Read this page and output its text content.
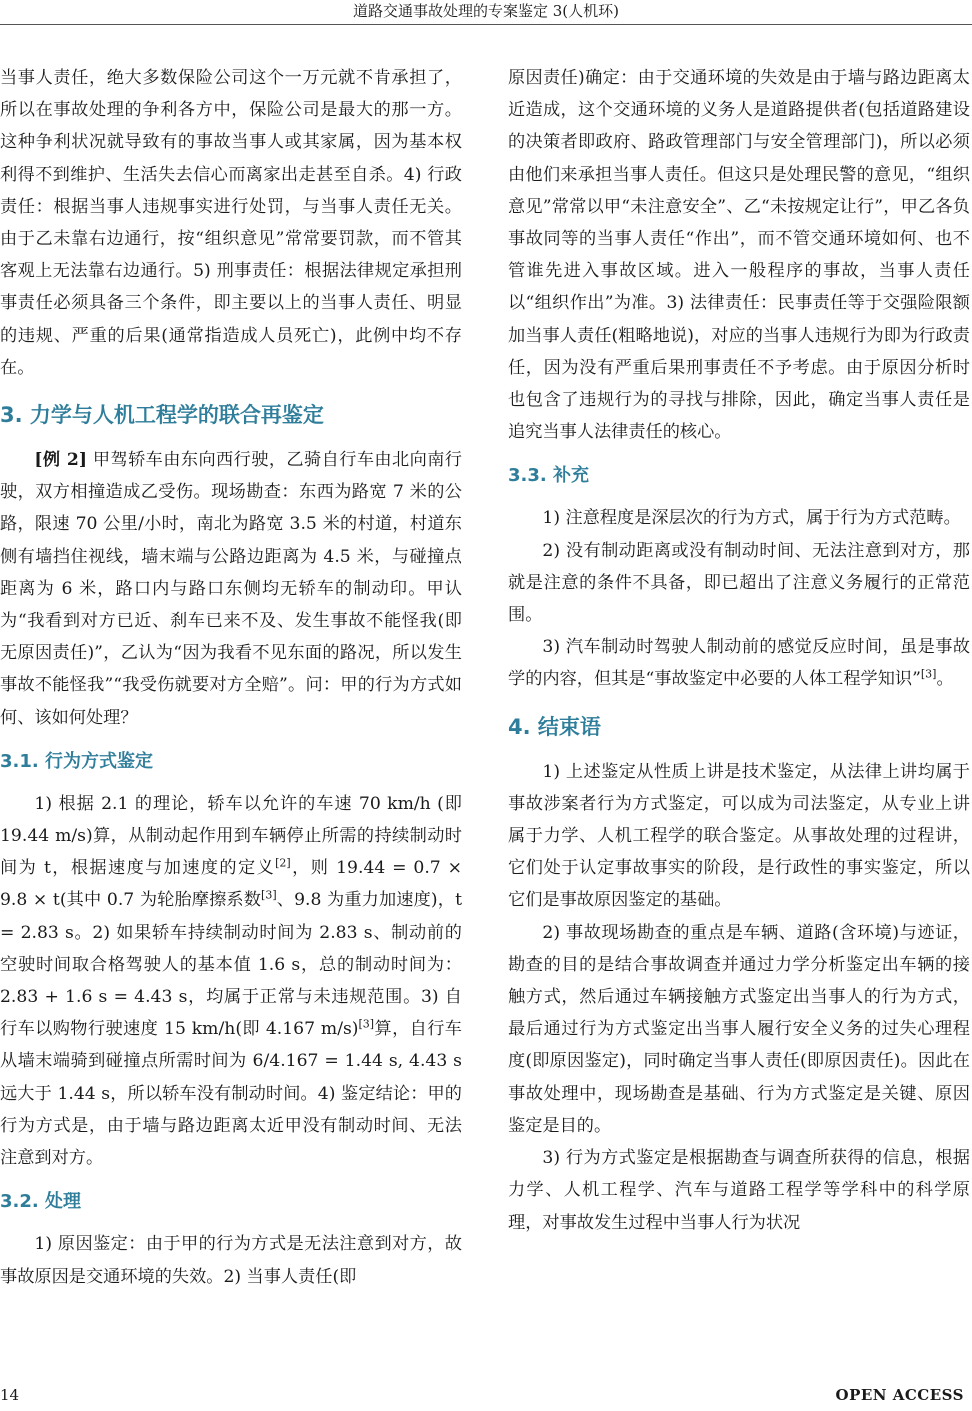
道路交通事故处理的专案鉴定 3(人机环)

当事人责任，绝大多数保险公司这个一万元就不肯承担了，所以在事故处理的争利各方中，保险公司是最大的那一方。这种争利状况就导致有的事故当事人或其家属，因为基本权利得不到维护、生活失去信心而离家出走甚至自杀。4) 行政责任：根据当事人违规事实进行处罚，与当事人责任无关。由于乙未靠右边通行，按“组织意见”常常要罚款，而不管其客观上无法靠右边通行。5) 刑事责任：根据法律规定承担刑事责任必须具备三个条件，即主要以上的当事人责任、明显的违规、严重的后果(通常指造成人员死亡)，此例中均不存在。

3. 力学与人机工程学的联合再鉴定

[例 2] 甲驾轿车由东向西行驶，乙骑自行车由北向南行驶，双方相撞造成乙受伤。现场勘查：东西为路宽 7 米的公路，限速 70 公里/小时，南北为路宽 3.5 米的村道，村道东侧有墙挡住视线，墙末端与公路边距离为 4.5 米，与碰撞点距离为 6 米，路口内与路口东侧均无轿车的制动印。甲认为“我看到对方已近、刹车已来不及、发生事故不能怪我(即无原因责任)”，乙认为“因为我看不见东面的路况，所以发生事故不能怪我”“我受伤就要对方全赔”。问：甲的行为方式如何、该如何处理？

3.1. 行为方式鉴定

1) 根据 2.1 的理论，轿车以允许的车速 70 km/h (即 19.44 m/s)算，从制动起作用到车辆停止所需的持续制动时间为 t，根据速度与加速度的定义[2]，则 19.44 = 0.7 × 9.8 × t(其中 0.7 为轮胎摩擦系数[3]、9.8 为重力加速度)，t = 2.83 s。2) 如果轿车持续制动时间为 2.83 s、制动前的空驶时间取合格驾驶人的基本值 1.6 s，总的制动时间为：2.83 + 1.6 s = 4.43 s，均属于正常与未违规范围。3) 自行车以购物行驶速度 15 km/h(即 4.167 m/s)[3]算，自行车从墙末端骑到碰撞点所需时间为 6/4.167 = 1.44 s, 4.43 s 远大于 1.44 s，所以轿车没有制动时间。4) 鉴定结论：甲的行为方式是，由于墙与路边距离太近甲没有制动时间、无法注意到对方。

3.2. 处理

1) 原因鉴定：由于甲的行为方式是无法注意到对方，故事故原因是交通环境的失效。2) 当事人责任(即

原因责任)确定：由于交通环境的失效是由于墙与路边距离太近造成，这个交通环境的义务人是道路提供者(包括道路建设的决策者即政府、路政管理部门与安全管理部门)，所以必须由他们来承担当事人责任。但这只是处理民警的意见，“组织意见”常常以甲“未注意安全”、乙“未按规定让行”，甲乙各负事故同等的当事人责任“作出”，而不管交通环境如何、也不管谁先进入事故区域。进入一般程序的事故，当事人责任以“组织作出”为准。3) 法律责任：民事责任等于交强险限额加当事人责任(粗略地说)，对应的当事人违规行为即为行政责任，因为没有严重后果刑事责任不予考虑。由于原因分析时也包含了违规行为的寻找与排除，因此，确定当事人责任是追究当事人法律责任的核心。

3.3. 补充

1) 注意程度是深层次的行为方式，属于行为方式范畴。

2) 没有制动距离或没有制动时间、无法注意到对方，那就是注意的条件不具备，即已超出了注意义务履行的正常范围。

3) 汽车制动时驾驶人制动前的感觉反应时间，虽是事故学的内容，但其是“事故鉴定中必要的人体工程学知识”[3]。

4. 结束语

1) 上述鉴定从性质上讲是技术鉴定，从法律上讲均属于事故涉案者行为方式鉴定，可以成为司法鉴定，从专业上讲属于力学、人机工程学的联合鉴定。从事故处理的过程讲，它们处于认定事故事实的阶段，是行政性的事实鉴定，所以它们是事故原因鉴定的基础。

2) 事故现场勘查的重点是车辆、道路(含环境)与迹证，勘查的目的是结合事故调查并通过力学分析鉴定出车辆的接触方式，然后通过车辆接触方式鉴定出当事人的行为方式，最后通过行为方式鉴定出当事人履行安全义务的过失心理程度(即原因鉴定)，同时确定当事人责任(即原因责任)。因此在事故处理中，现场勘查是基础、行为方式鉴定是关键、原因鉴定是目的。

3) 行为方式鉴定是根据勘查与调查所获得的信息，根据力学、人机工程学、汽车与道路工程学等学科中的科学原理，对事故发生过程中当事人行为状况

14	OPEN ACCESS
